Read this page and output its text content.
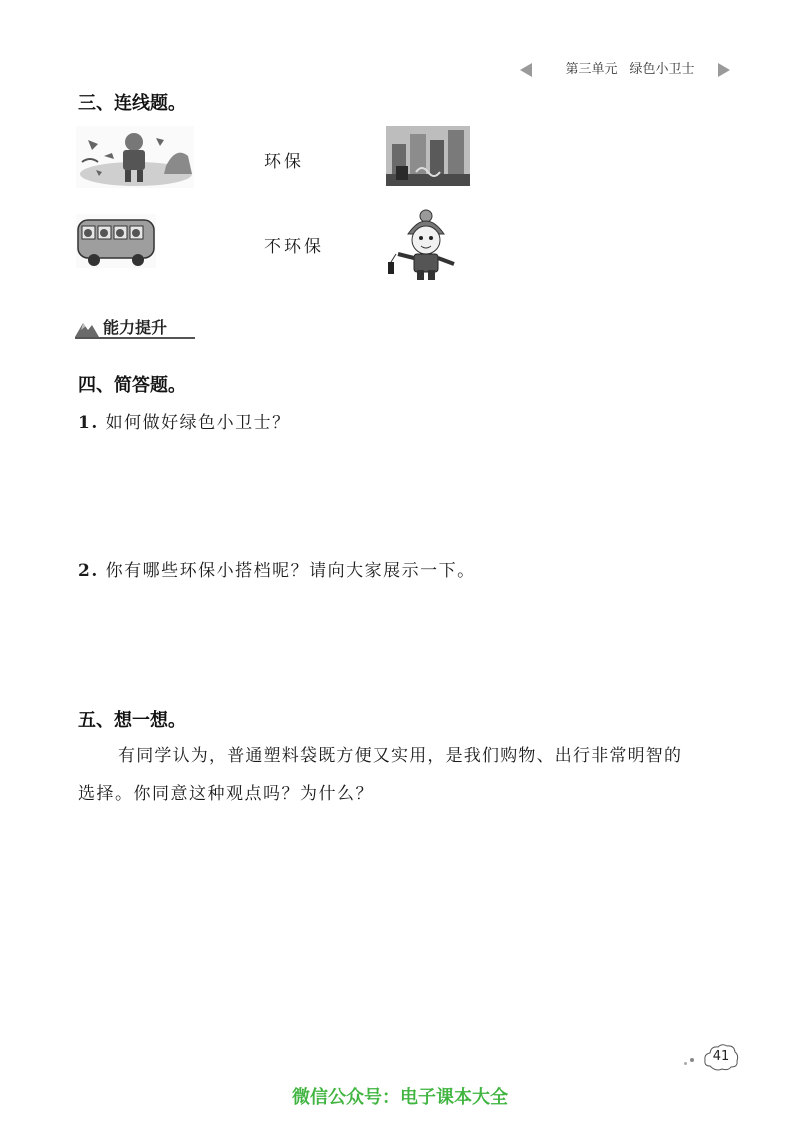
第三单元 绿色小卫士
三、连线题。
环保
不环保
能力提升
四、简答题。
1. 如何做好绿色小卫士？
2. 你有哪些环保小搭档呢？请向大家展示一下。
五、想一想。
有同学认为，普通塑料袋既方便又实用，是我们购物、出行非常明智的
选择。你同意这种观点吗？为什么？
41
微信公众号：电子课本大全
